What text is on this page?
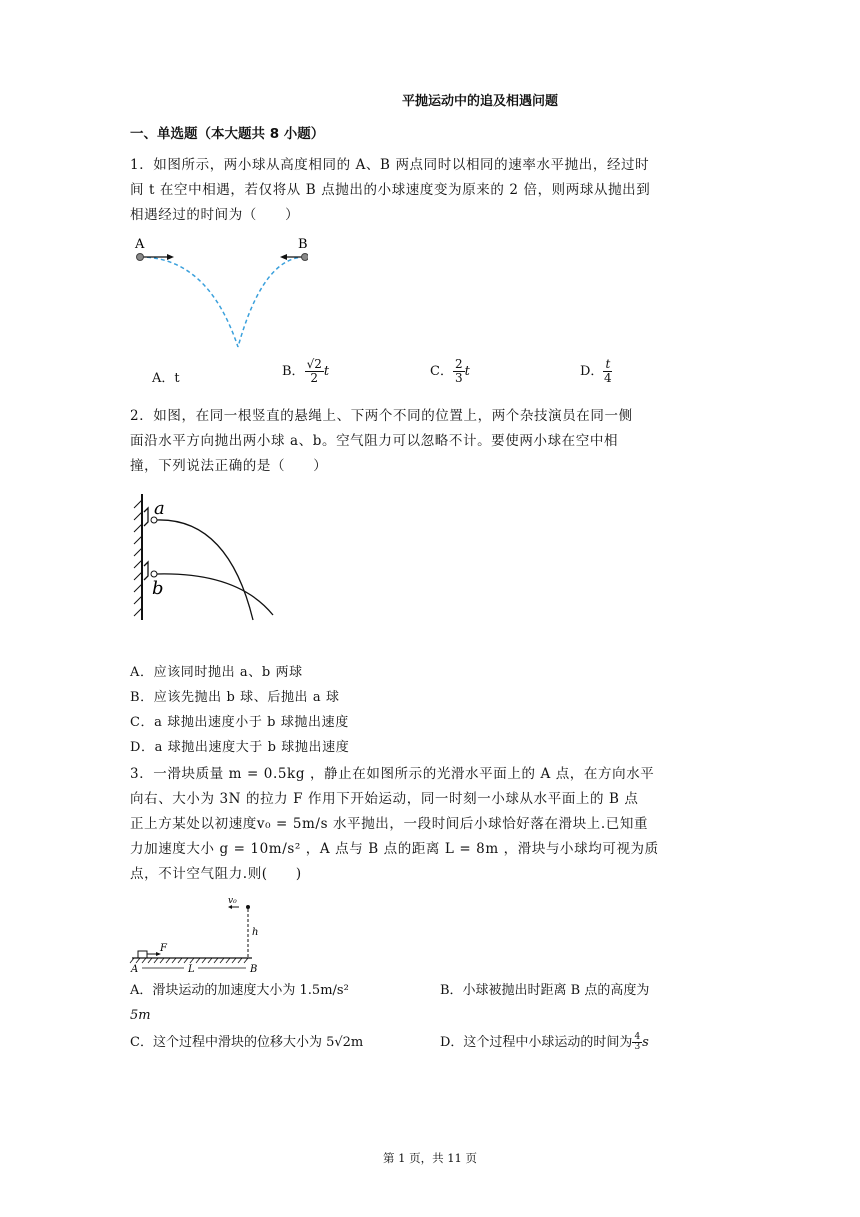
平抛运动中的追及相遇问题
一、单选题（本大题共 8 小题）
1．如图所示，两小球从高度相同的 A、B 两点同时以相同的速率水平抛出，经过时
间 t 在空中相遇，若仅将从 B 点抛出的小球速度变为原来的 2 倍，则两球从抛出到
相遇经过的时间为（　　）
A	B
A．t	B． $\frac{√2}{2}$ t	C． $\frac{2}{3}$ t	D． $\frac{t}{4}$
2．如图，在同一根竖直的悬绳上、下两个不同的位置上，两个杂技演员在同一侧
面沿水平方向抛出两小球 a、b。空气阻力可以忽略不计。要使两小球在空中相
撞，下列说法正确的是（　　）
a
b
A．应该同时抛出 a、b 两球
B．应该先抛出 b 球、后抛出 a 球
C．a 球抛出速度小于 b 球抛出速度
D．a 球抛出速度大于 b 球抛出速度
3．一滑块质量 m = 0.5kg ，静止在如图所示的光滑水平面上的 A 点，在方向水平
向右、大小为 3N 的拉力 F 作用下开始运动，同一时刻一小球从水平面上的 B 点
正上方某处以初速度v₀ = 5m/s 水平抛出，一段时间后小球恰好落在滑块上.已知重
力加速度大小 g = 10m/s² ，A 点与 B 点的距离 L = 8m ，滑块与小球均可视为质
点，不计空气阻力.则(　　)
v₀
h
F
A	L	B
A．滑块运动的加速度大小为 1.5m/s²	B．小球被抛出时距离 B 点的高度为
5m
C．这个过程中滑块的位移大小为 5√2m	D．这个过程中小球运动的时间为 $\frac{4}{3}$ s
第 1 页，共 11 页
